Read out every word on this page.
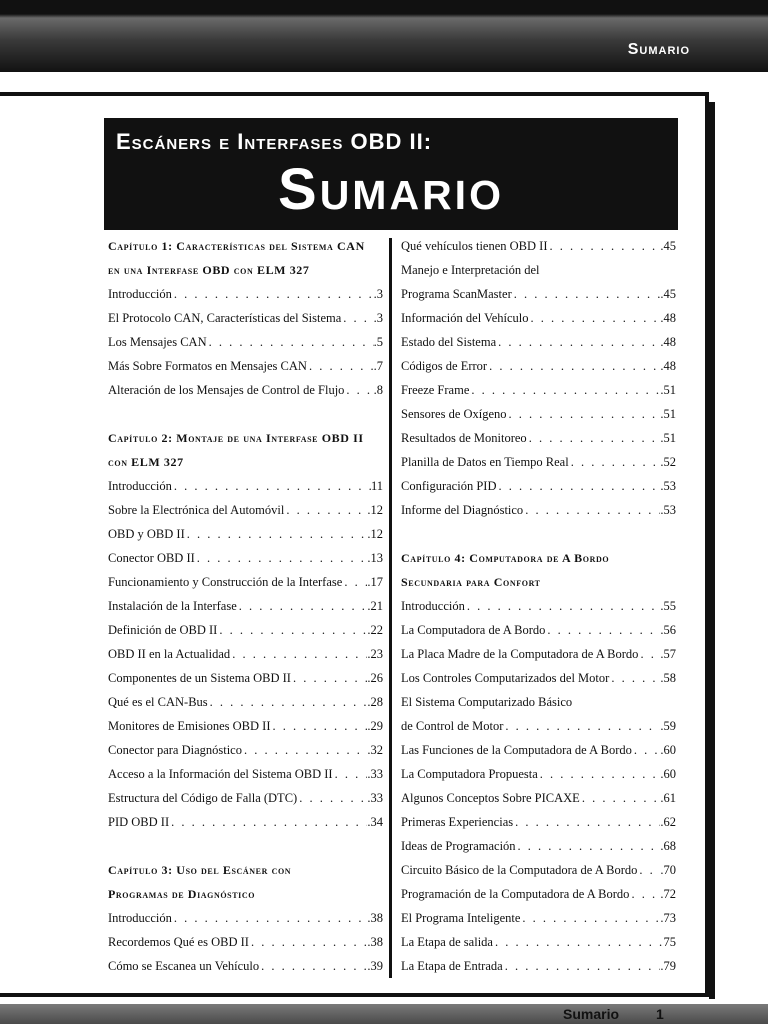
Sumario
Escáners e Interfases OBD II:
Sumario
Capítulo 1: Características del Sistema CAN
en una Interfase OBD con ELM 327
Introducción . . .	.3
El Protocolo CAN, Características del Sistema . . .	.3
Los Mensajes CAN . . .	.5
Más Sobre Formatos en Mensajes CAN . . .	.7
Alteración de los Mensajes de Control de Flujo . . . .8
Capítulo 2: Montaje de una Interfase OBD II
con ELM 327
Introducción . . .	11
Sobre la Electrónica del Automóvil . . .	.12
OBD y OBD II . . .	.12
Conector OBD II . . .	.13
Funcionamiento y Construcción de la Interfase . . . .17
Instalación de la Interfase . . .	.21
Definición de OBD II . . .	.22
OBD II en la Actualidad . . .	.23
Componentes de un Sistema OBD II . . .	.26
Qué es el CAN-Bus . . .	.28
Monitores de Emisiones OBD II . . .	.29
Conector para Diagnóstico . . .	.32
Acceso a la Información del Sistema OBD II . . .	.33
Estructura del Código de Falla (DTC) . . .	.33
PID OBD II . . .	.34
Capítulo 3: Uso del Escáner con
Programas de Diagnóstico
Introducción . . .	.38
Recordemos Qué es OBD II . . .	.38
Cómo se Escanea un Vehículo . . .	.39
Qué vehículos tienen OBD II . . .	.45
Manejo e Interpretación del
Programa ScanMaster . . .	.45
Información del Vehículo . . .	.48
Estado del Sistema . . .	.48
Códigos de Error . . .	.48
Freeze Frame . . .	.51
Sensores de Oxígeno . . .	.51
Resultados de Monitoreo . . .	.51
Planilla de Datos en Tiempo Real . . .	.52
Configuración PID . . .	.53
Informe del Diagnóstico . . .	.53
Capítulo 4: Computadora de A Bordo
Secundaria para Confort
Introducción . . .	.55
La Computadora de A Bordo . . .	.56
La Placa Madre de la Computadora de A Bordo . . . .57
Los Controles Computarizados del Motor . . .	.58
El Sistema Computarizado Básico
de Control de Motor . . .	.59
Las Funciones de la Computadora de A Bordo . . . .60
La Computadora Propuesta . . .	.60
Algunos Conceptos Sobre PICAXE . . .	.61
Primeras Experiencias . . .	.62
Ideas de Programación . . .	.68
Circuito Básico de la Computadora de A Bordo . . . .70
Programación de la Computadora de A Bordo . . . .72
El Programa Inteligente . . .	.73
La Etapa de salida . . .	75
La Etapa de Entrada . . .	.79
Sumario	1
